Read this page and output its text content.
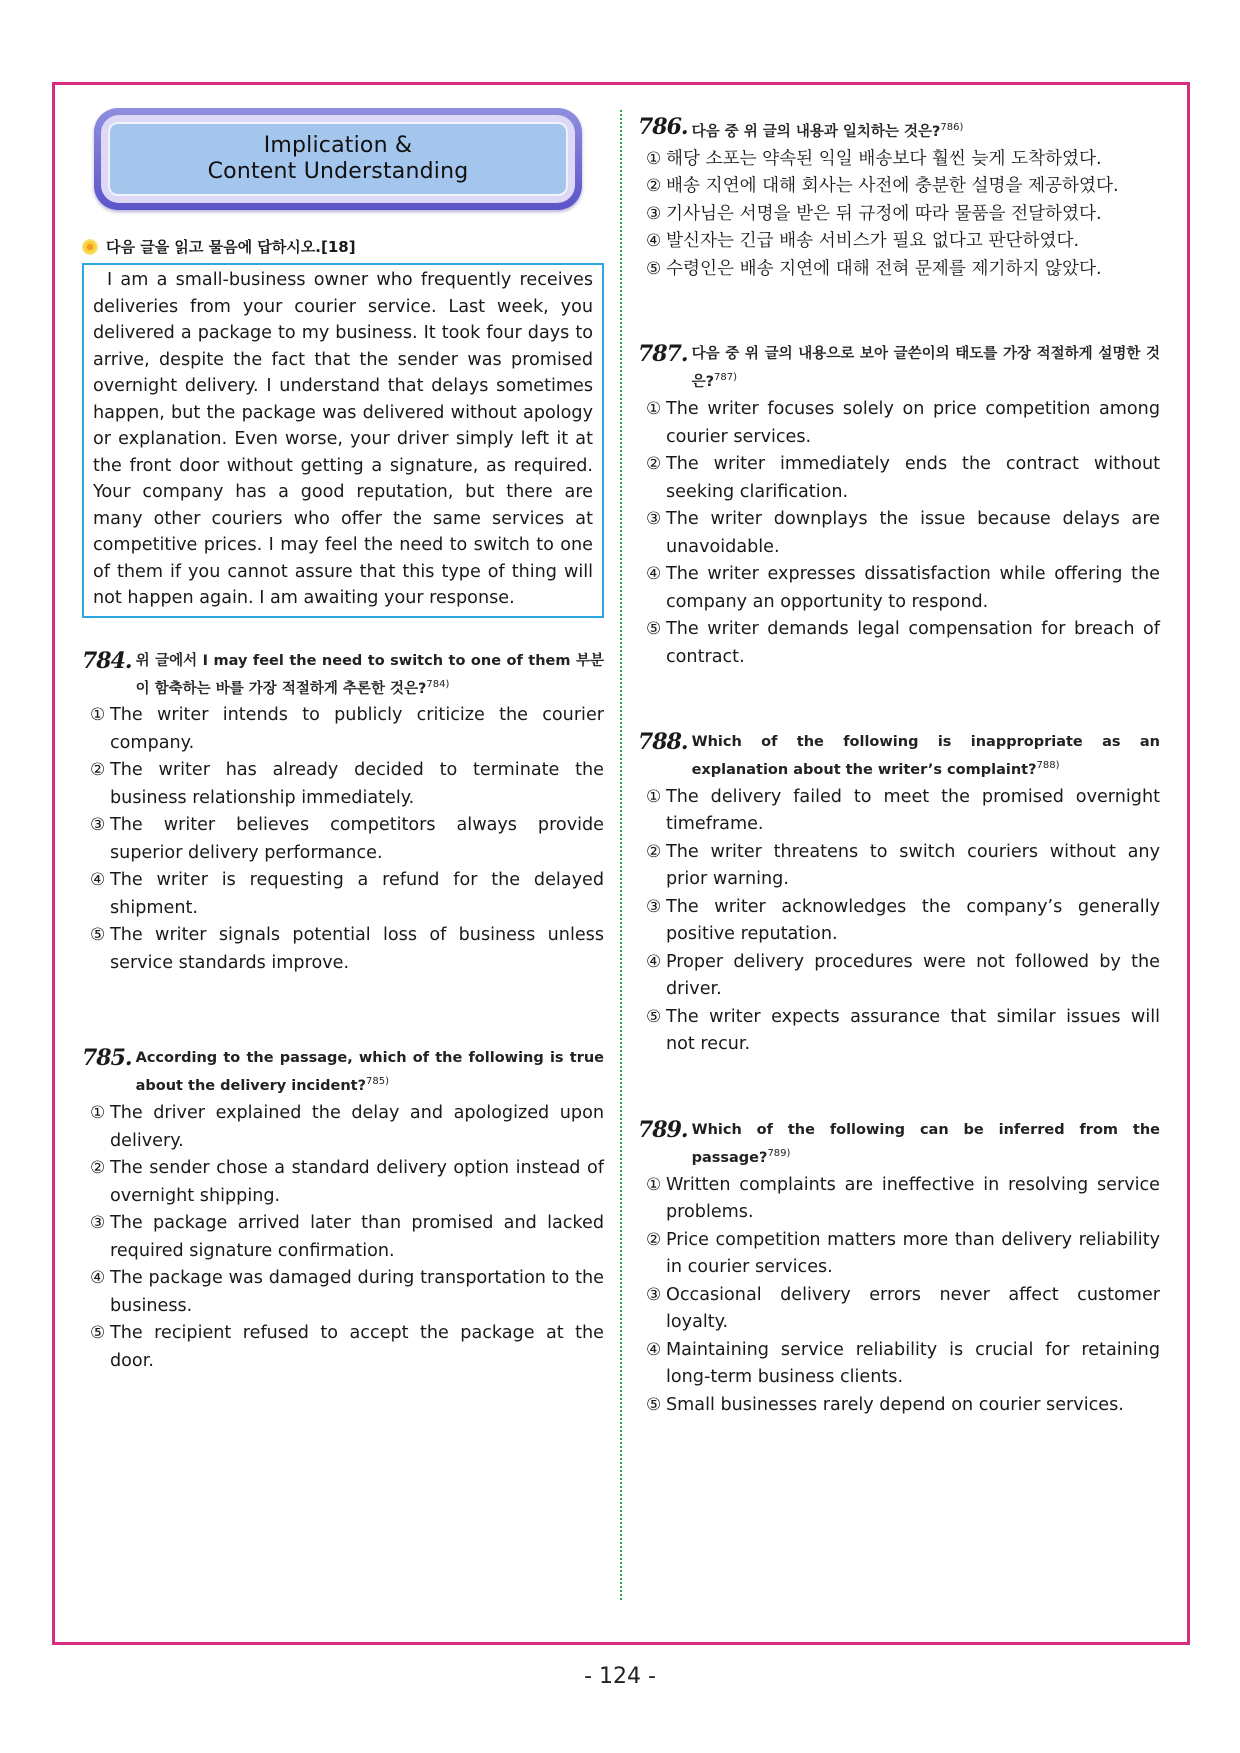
Implication &
Content Understanding
다음 글을 읽고 물음에 답하시오.[18]
I am a small-business owner who frequently receives deliveries from your courier service. Last week, you delivered a package to my business. It took four days to arrive, despite the fact that the sender was promised overnight delivery. I understand that delays sometimes happen, but the package was delivered without apology or explanation. Even worse, your driver simply left it at the front door without getting a signature, as required. Your company has a good reputation, but there are many other couriers who offer the same services at competitive prices. I may feel the need to switch to one of them if you cannot assure that this type of thing will not happen again. I am awaiting your response.
784. 위 글에서 I may feel the need to switch to one of them 부분이 함축하는 바를 가장 적절하게 추론한 것은?$^{784)}$
① The writer intends to publicly criticize the courier company.
② The writer has already decided to terminate the business relationship immediately.
③ The writer believes competitors always provide superior delivery performance.
④ The writer is requesting a refund for the delayed shipment.
⑤ The writer signals potential loss of business unless service standards improve.
785. According to the passage, which of the following is true about the delivery incident?$^{785)}$
① The driver explained the delay and apologized upon delivery.
② The sender chose a standard delivery option instead of overnight shipping.
③ The package arrived later than promised and lacked required signature confirmation.
④ The package was damaged during transportation to the business.
⑤ The recipient refused to accept the package at the door.
786. 다음 중 위 글의 내용과 일치하는 것은?$^{786)}$
① 해당 소포는 약속된 익일 배송보다 훨씬 늦게 도착하였다.
② 배송 지연에 대해 회사는 사전에 충분한 설명을 제공하였다.
③ 기사님은 서명을 받은 뒤 규정에 따라 물품을 전달하였다.
④ 발신자는 긴급 배송 서비스가 필요 없다고 판단하였다.
⑤ 수령인은 배송 지연에 대해 전혀 문제를 제기하지 않았다.
787. 다음 중 위 글의 내용으로 보아 글쓴이의 태도를 가장 적절하게 설명한 것은?$^{787)}$
① The writer focuses solely on price competition among courier services.
② The writer immediately ends the contract without seeking clarification.
③ The writer downplays the issue because delays are unavoidable.
④ The writer expresses dissatisfaction while offering the company an opportunity to respond.
⑤ The writer demands legal compensation for breach of contract.
788. Which of the following is inappropriate as an explanation about the writer’s complaint?$^{788)}$
① The delivery failed to meet the promised overnight timeframe.
② The writer threatens to switch couriers without any prior warning.
③ The writer acknowledges the company’s generally positive reputation.
④ Proper delivery procedures were not followed by the driver.
⑤ The writer expects assurance that similar issues will not recur.
789. Which of the following can be inferred from the passage?$^{789)}$
① Written complaints are ineffective in resolving service problems.
② Price competition matters more than delivery reliability in courier services.
③ Occasional delivery errors never affect customer loyalty.
④ Maintaining service reliability is crucial for retaining long-term business clients.
⑤ Small businesses rarely depend on courier services.
- 124 -
